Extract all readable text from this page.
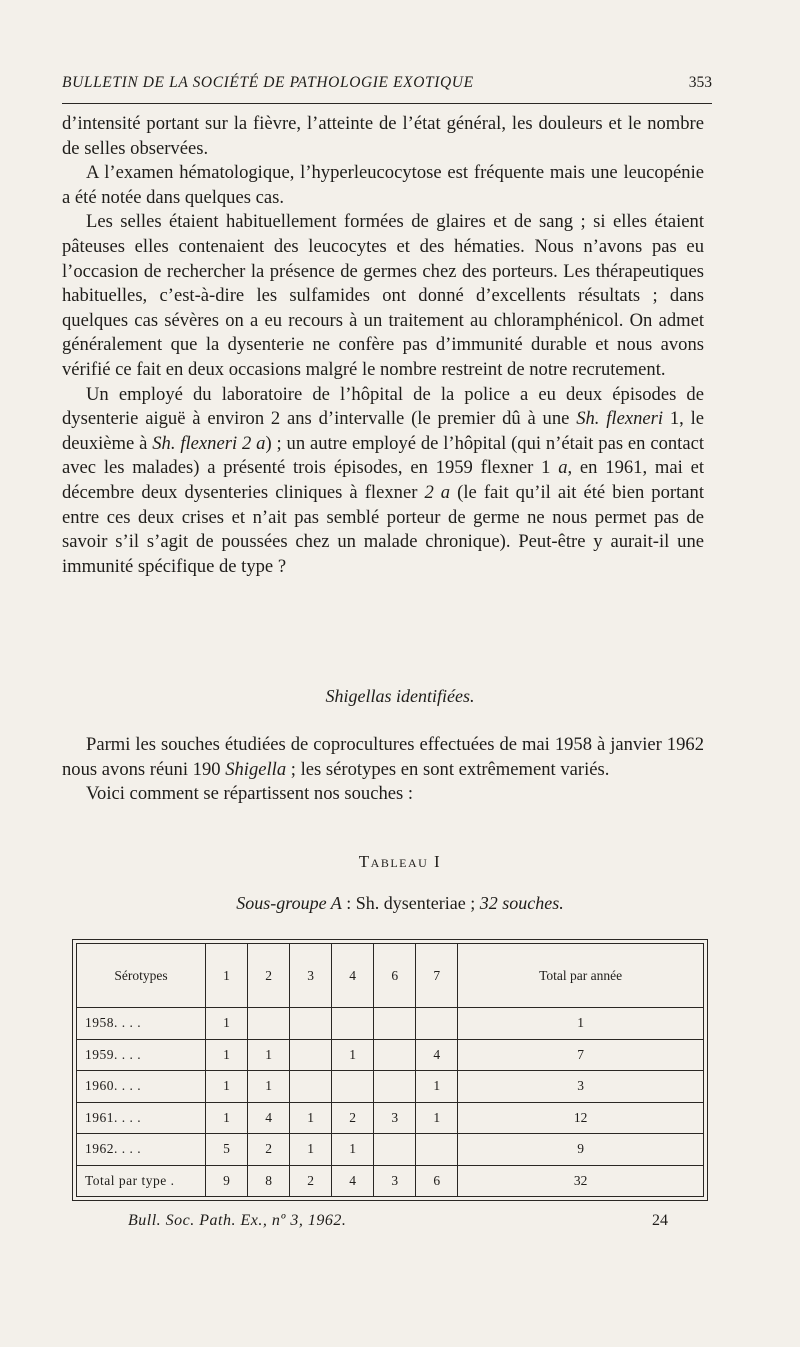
BULLETIN DE LA SOCIÉTÉ DE PATHOLOGIE EXOTIQUE	353

d’intensité portant sur la fièvre, l’atteinte de l’état général, les douleurs et le nombre de selles observées.

A l’examen hématologique, l’hyperleucocytose est fréquente mais une leucopénie a été notée dans quelques cas.

Les selles étaient habituellement formées de glaires et de sang ; si elles étaient pâteuses elles contenaient des leucocytes et des hématies. Nous n’avons pas eu l’occasion de rechercher la présence de germes chez des porteurs. Les thérapeutiques habituelles, c’est-à-dire les sulfamides ont donné d’excellents résultats ; dans quelques cas sévères on a eu recours à un traitement au chloramphénicol. On admet généralement que la dysenterie ne confère pas d’immunité durable et nous avons vérifié ce fait en deux occasions malgré le nombre restreint de notre recrutement.

Un employé du laboratoire de l’hôpital de la police a eu deux épisodes de dysenterie aiguë à environ 2 ans d’intervalle (le premier dû à une Sh. flexneri 1, le deuxième à Sh. flexneri 2 a) ; un autre employé de l’hôpital (qui n’était pas en contact avec les malades) a présenté trois épisodes, en 1959 flexner 1 a, en 1961, mai et décembre deux dysenteries cliniques à flexner 2 a (le fait qu’il ait été bien portant entre ces deux crises et n’ait pas semblé porteur de germe ne nous permet pas de savoir s’il s’agit de poussées chez un malade chronique). Peut-être y aurait-il une immunité spécifique de type ?

Shigellas identifiées.

Parmi les souches étudiées de coprocultures effectuées de mai 1958 à janvier 1962 nous avons réuni 190 Shigella ; les sérotypes en sont extrêmement variés.

Voici comment se répartissent nos souches :

Tableau I
Sous-groupe A : Sh. dysenteriae ; 32 souches.
Sérotypes	1	2	3	4	6	7	Total par année
1958. . . .	1						1
1959. . . .	1	1		1		4	7
1960. . . .	1	1				1	3
1961. . . .	1	4	1	2	3	1	12
1962. . . .	5	2	1	1			9
Total par type .	9	8	2	4	3	6	32
Bull. Soc. Path. Ex., nº 3, 1962.	24
